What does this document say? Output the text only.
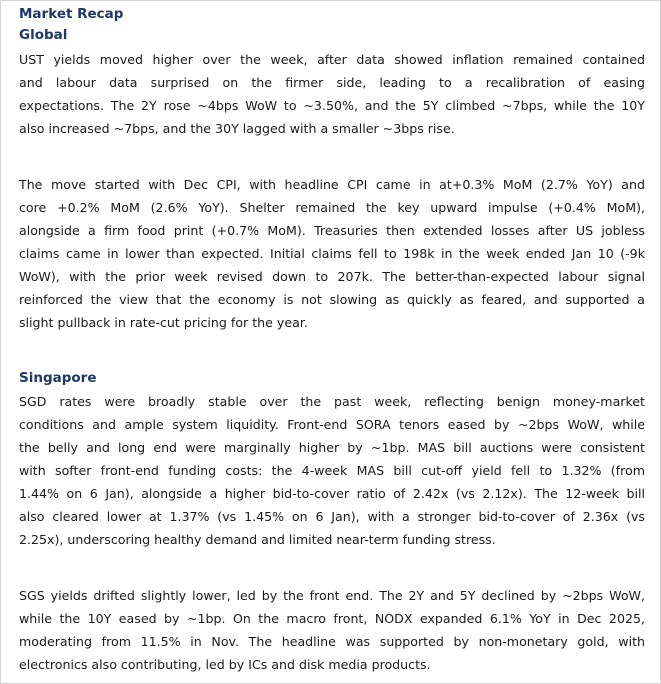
Market Recap
Global
UST yields moved higher over the week, after data showed inflation remained contained
and labour data surprised on the firmer side, leading to a recalibration of easing
expectations. The 2Y rose ~4bps WoW to ~3.50%, and the 5Y climbed ~7bps, while the 10Y
also increased ~7bps, and the 30Y lagged with a smaller ~3bps rise.
The move started with Dec CPI, with headline CPI came in at+0.3% MoM (2.7% YoY) and
core +0.2% MoM (2.6% YoY). Shelter remained the key upward impulse (+0.4% MoM),
alongside a firm food print (+0.7% MoM). Treasuries then extended losses after US jobless
claims came in lower than expected. Initial claims fell to 198k in the week ended Jan 10 (-9k
WoW), with the prior week revised down to 207k. The better-than-expected labour signal
reinforced the view that the economy is not slowing as quickly as feared, and supported a
slight pullback in rate-cut pricing for the year.
Singapore
SGD rates were broadly stable over the past week, reflecting benign money-market
conditions and ample system liquidity. Front-end SORA tenors eased by ~2bps WoW, while
the belly and long end were marginally higher by ~1bp. MAS bill auctions were consistent
with softer front-end funding costs: the 4-week MAS bill cut-off yield fell to 1.32% (from
1.44% on 6 Jan), alongside a higher bid-to-cover ratio of 2.42x (vs 2.12x). The 12-week bill
also cleared lower at 1.37% (vs 1.45% on 6 Jan), with a stronger bid-to-cover of 2.36x (vs
2.25x), underscoring healthy demand and limited near-term funding stress.
SGS yields drifted slightly lower, led by the front end. The 2Y and 5Y declined by ~2bps WoW,
while the 10Y eased by ~1bp. On the macro front, NODX expanded 6.1% YoY in Dec 2025,
moderating from 11.5% in Nov. The headline was supported by non-monetary gold, with
electronics also contributing, led by ICs and disk media products.
